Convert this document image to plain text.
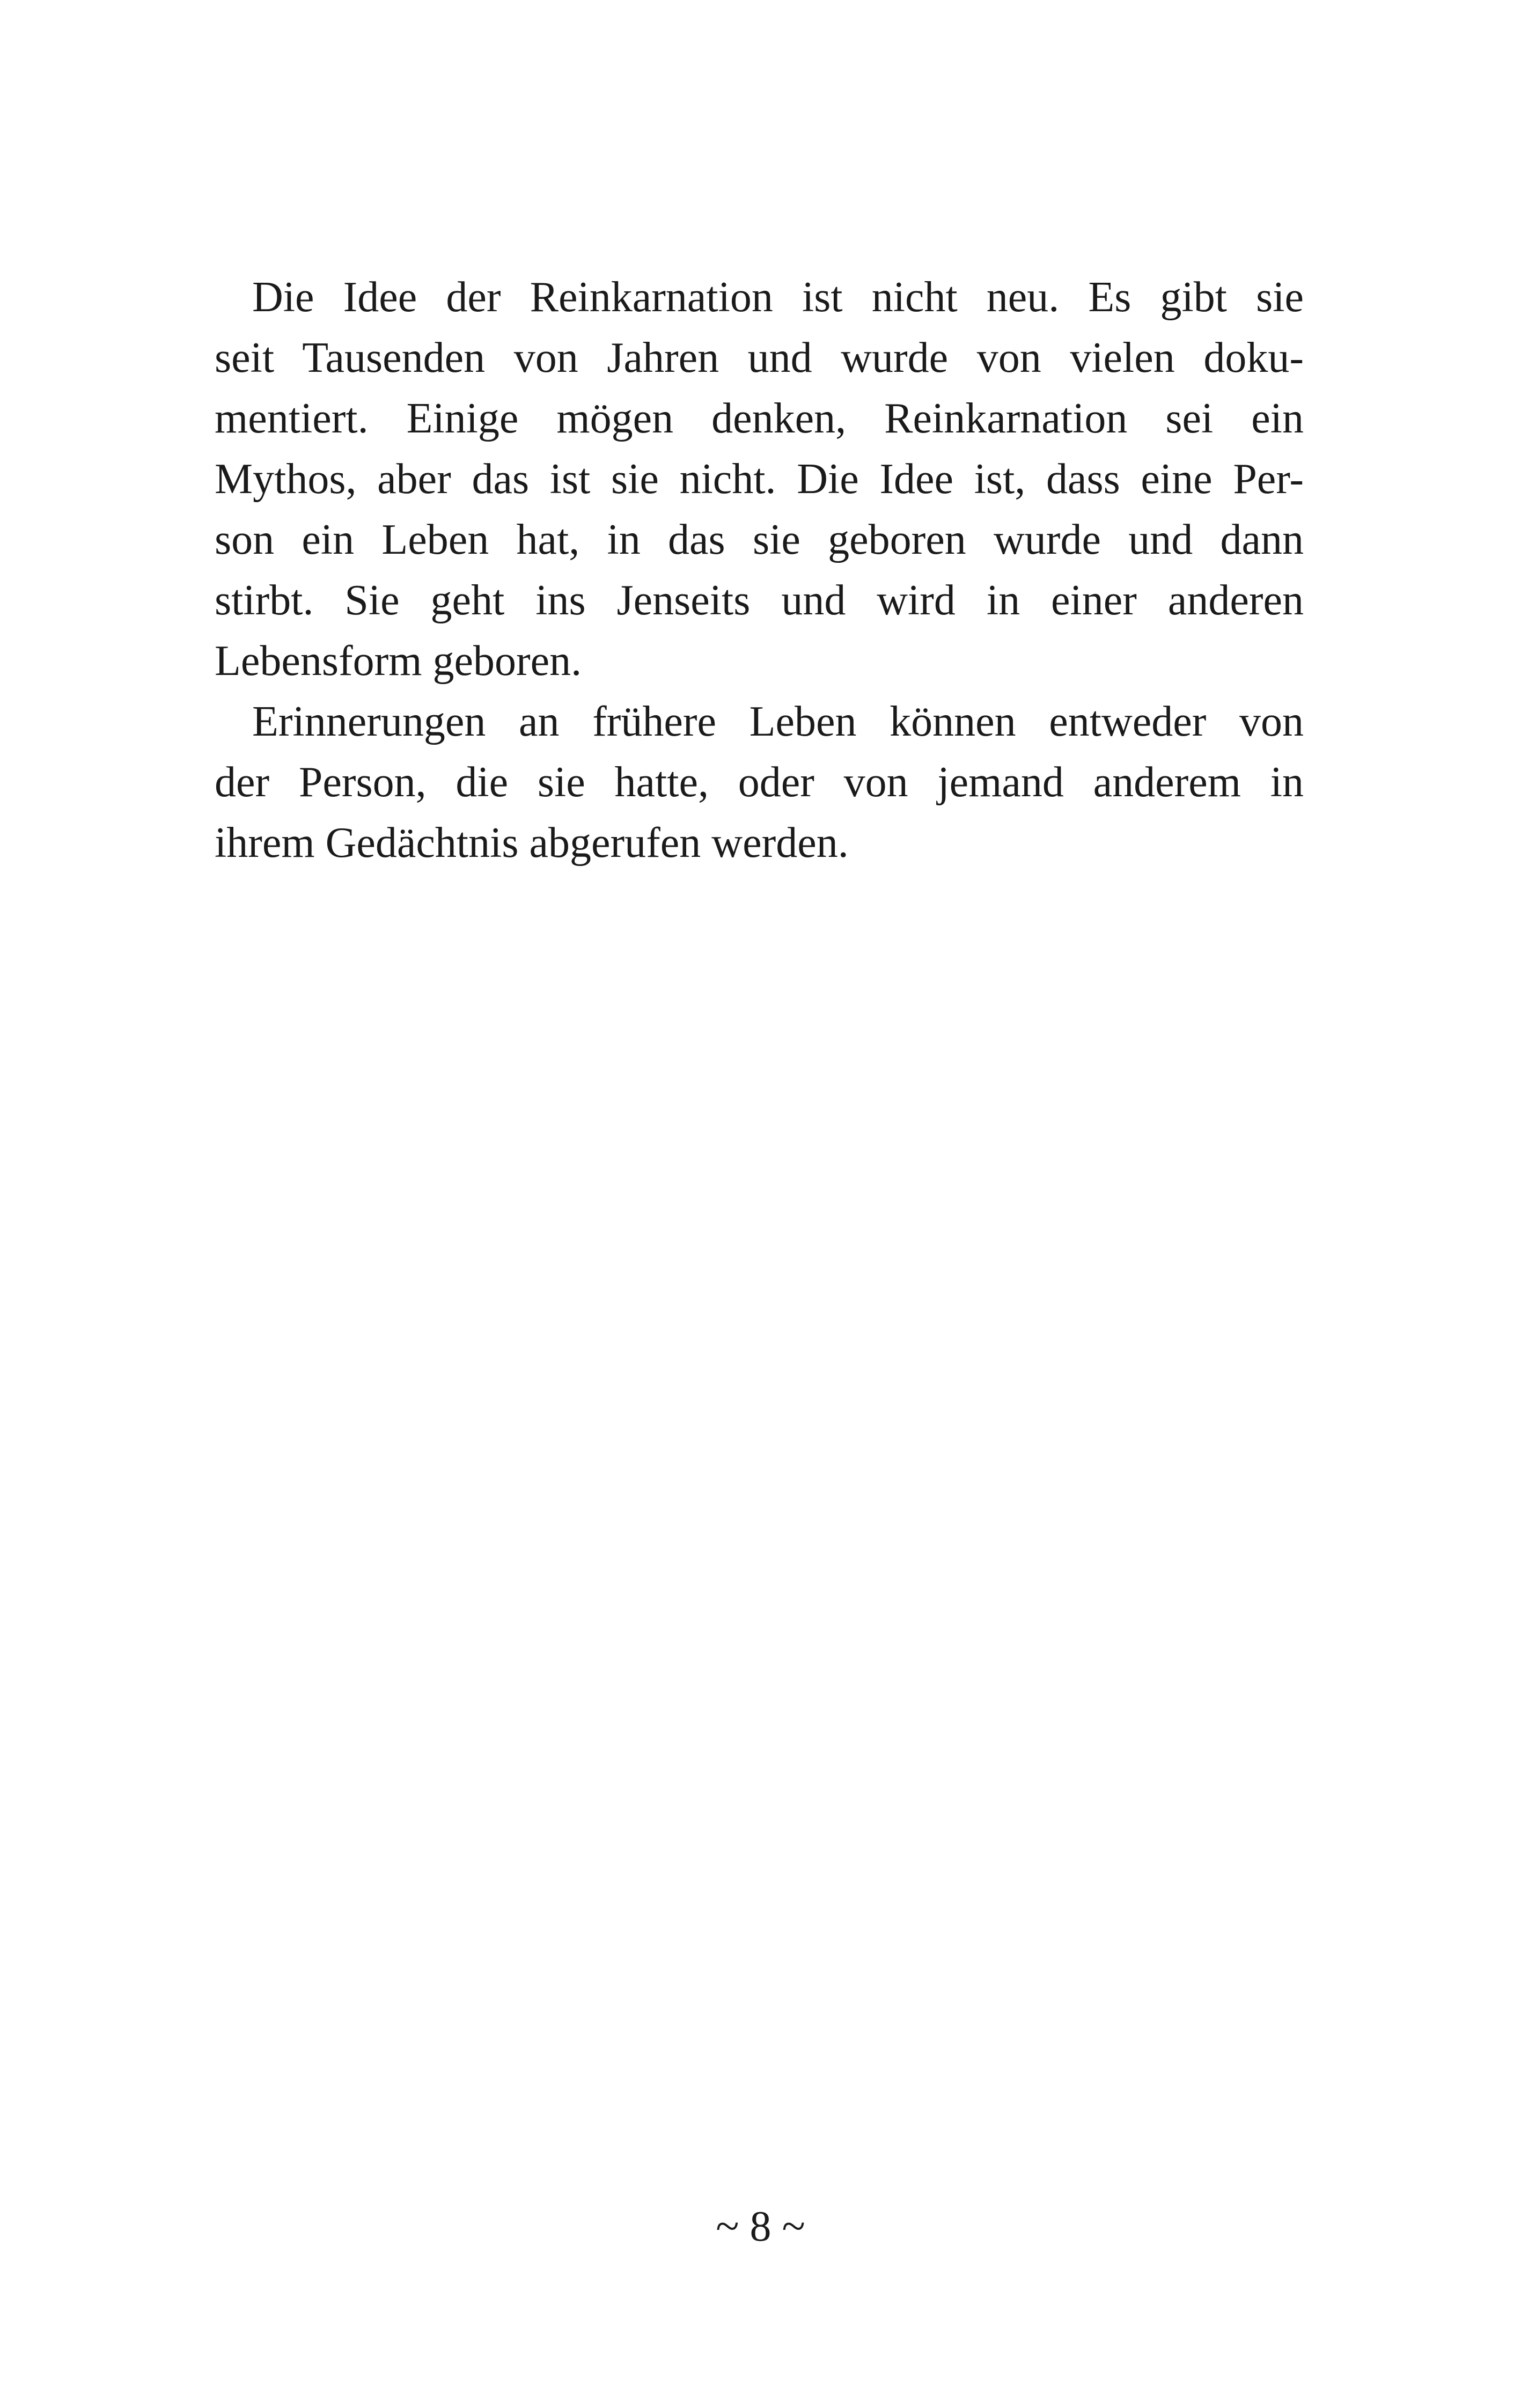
Die Idee der Reinkarnation ist nicht neu. Es gibt sie
seit Tausenden von Jahren und wurde von vielen doku-
mentiert. Einige mögen denken, Reinkarnation sei ein
Mythos, aber das ist sie nicht. Die Idee ist, dass eine Per-
son ein Leben hat, in das sie geboren wurde und dann
stirbt. Sie geht ins Jenseits und wird in einer anderen
Lebensform geboren.
Erinnerungen an frühere Leben können entweder von
der Person, die sie hatte, oder von jemand anderem in
ihrem Gedächtnis abgerufen werden.
~ 8 ~
